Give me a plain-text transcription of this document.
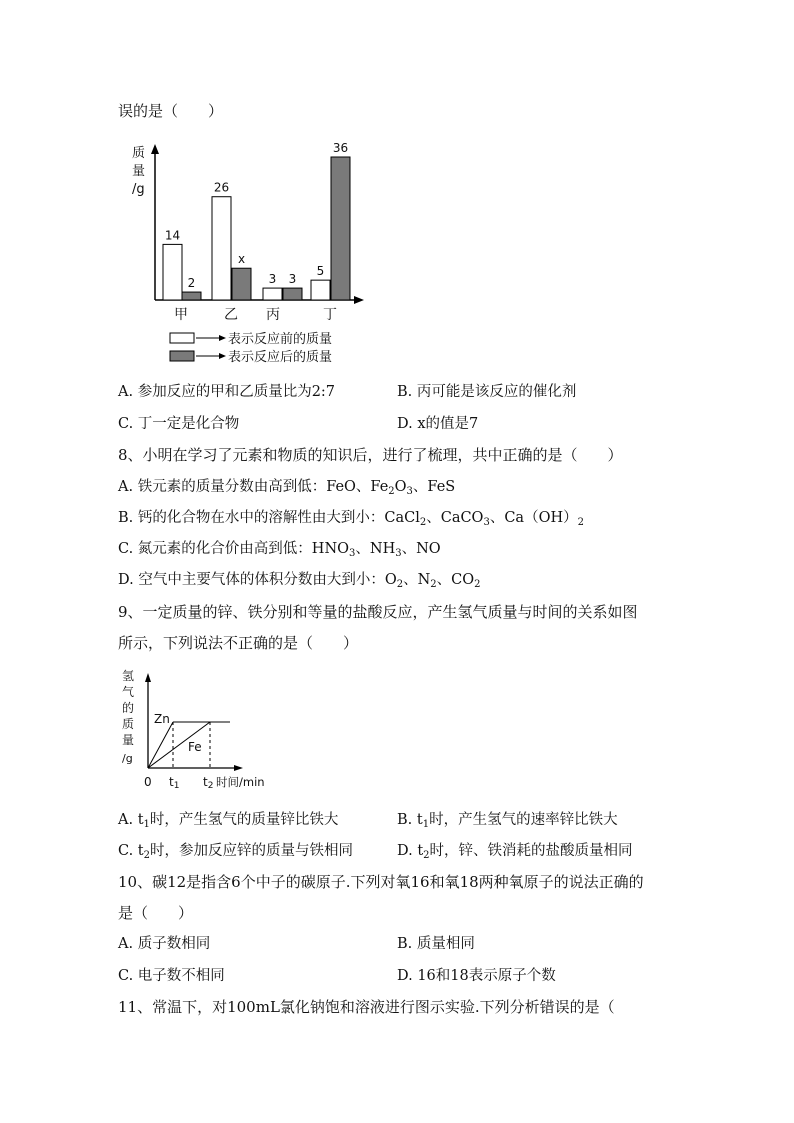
误的是（　　）
质
量
/g
14
2
26
x
3 3
5
36
甲	乙 丙	丁
表示反应前的质量
表示反应后的质量
A. 参加反应的甲和乙质量比为2:7	B. 丙可能是该反应的催化剂
C. 丁一定是化合物	D. x的值是7
8、小明在学习了元素和物质的知识后，进行了梳理，共中正确的是（　　）
A. 铁元素的质量分数由高到低：FeO、$Fe_2O_3$、FeS
B. 钙的化合物在水中的溶解性由大到小：CaCl$_2$、CaCO$_3$、$Ca(OH)_2$
C. 氮元素的化合价由高到低：$HNO_3$、$NH_3$、NO
D. 空气中主要气体的体积分数由大到小：$O_2$、$N_2$、$CO_2$
9、一定质量的锌、铁分别和等量的盐酸反应，产生氢气质量与时间的关系如图
所示，下列说法不正确的是（　　）
氢
气
的
质
量
/g
Zn
Fe
0 t1 t2 时间/min
A. $t_1$时，产生氢气的质量锌比铁大	B. $t_1$时，产生氢气的速率锌比铁大
C. $t_2$时，参加反应锌的质量与铁相同	D. $t_2$时，锌、铁消耗的盐酸质量相同
10、碳12是指含6个中子的碳原子.下列对氧16和氧18两种氧原子的说法正确的
是（　　）
A. 质子数相同	B. 质量相同
C. 电子数不相同	D. 16和18表示原子个数
11、常温下，对100mL氯化钠饱和溶液进行图示实验.下列分析错误的是（
